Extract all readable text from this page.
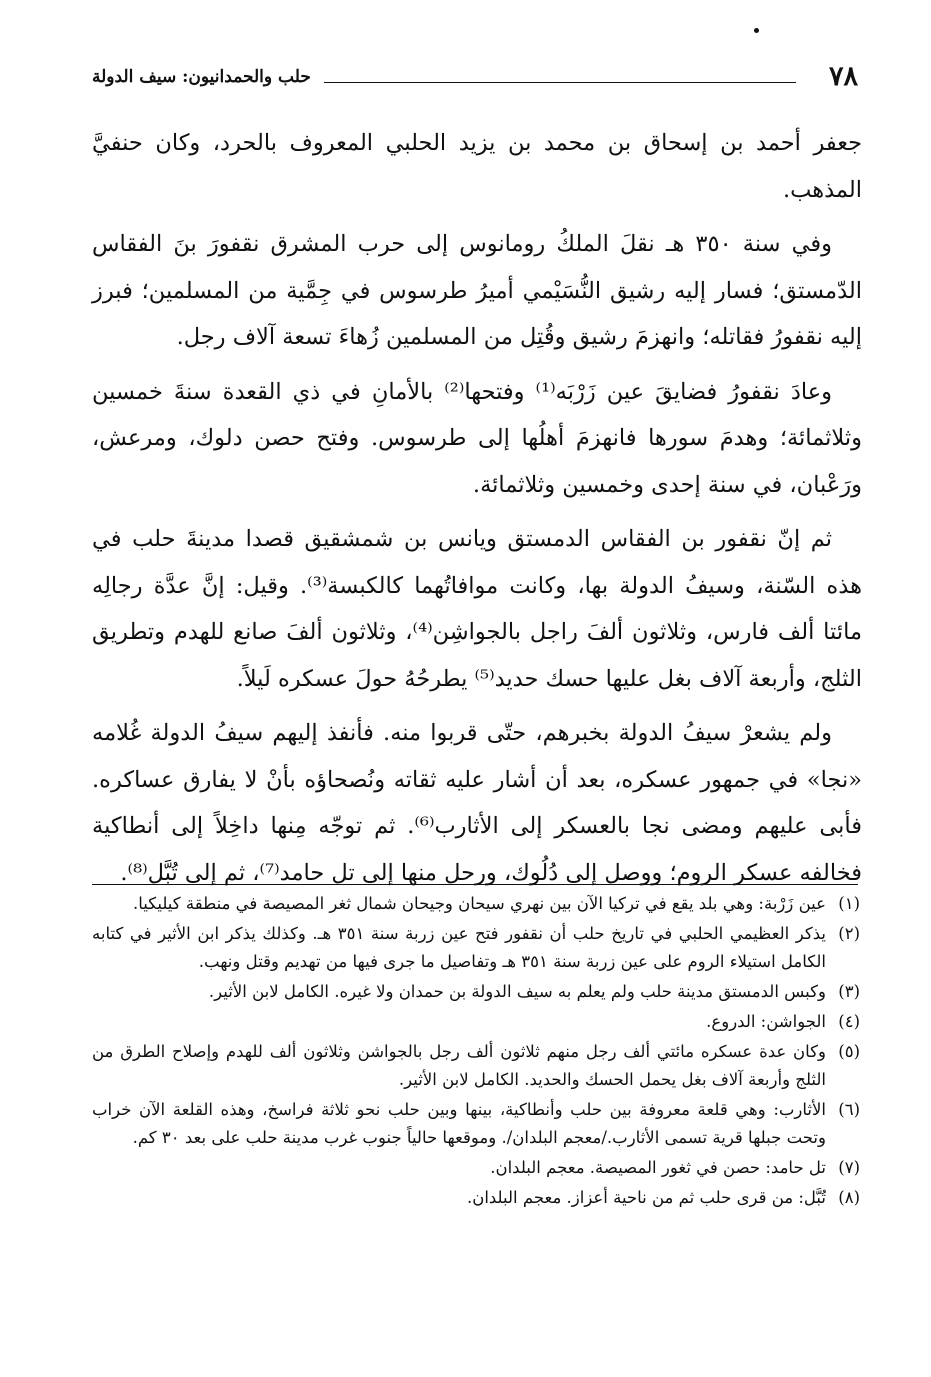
٧٨
حلب والحمدانيون: سيف الدولة

جعفر أحمد بن إسحاق بن محمد بن يزيد الحلبي المعروف بالحرد، وكان حنفيَّ المذهب.

وفي سنة ٣٥٠ هـ نقلَ الملكُ رومانوس إلى حرب المشرق نقفورَ بنَ الفقاس الدّمستق؛ فسار إليه رشيق النُّسَيْمي أميرُ طرسوس في جِمَّية من المسلمين؛ فبرز إليه نقفورُ فقاتله؛ وانهزمَ رشيق وقُتِل من المسلمين زُهاءَ تسعة آلاف رجل.

وعادَ نقفورُ فضايقَ عين زَرْبَه⁽¹⁾ وفتحها⁽²⁾ بالأمانِ في ذي القعدة سنةَ خمسين وثلاثمائة؛ وهدمَ سورها فانهزمَ أهلُها إلى طرسوس. وفتح حصن دلوك، ومرعش، ورَعْبان، في سنة إحدى وخمسين وثلاثمائة.

ثم إنّ نقفور بن الفقاس الدمستق ويانس بن شمشقيق قصدا مدينةَ حلب في هذه السّنة، وسيفُ الدولة بها، وكانت موافاتُهما كالكبسة⁽³⁾. وقيل: إنَّ عدَّة رجالِه مائتا ألف فارس، وثلاثون ألفَ راجل بالجواشِن⁽⁴⁾، وثلاثون ألفَ صانع للهدم وتطريق الثلج، وأربعة آلاف بغل عليها حسك حديد⁽⁵⁾ يطرحُهُ حولَ عسكره لَيلاً.

ولم يشعرْ سيفُ الدولة بخبرهم، حتّى قربوا منه. فأنفذ إليهم سيفُ الدولة غُلامه «نجا» في جمهور عسكره، بعد أن أشار عليه ثقاته ونُصحاؤه بأنْ لا يفارق عساكره. فأبى عليهم ومضى نجا بالعسكر إلى الأثارب⁽⁶⁾. ثم توجّه مِنها داخِلاً إلى أنطاكية فخالفه عسكر الروم؛ ووصل إلى دُلُوك، ورحل منها إلى تل حامد⁽⁷⁾، ثم إلى تُبَّل⁽⁸⁾.

(١)
عين زَرْبة: وهي بلد يقع في تركيا الآن بين نهري سيحان وجيحان شمال ثغر المصيصة في منطقة كيليكيا.
(٢)
يذكر العظيمي الحلبي في تاريخ حلب أن نقفور فتح عين زربة سنة ٣٥١ هـ. وكذلك يذكر ابن الأثير في كتابه الكامل استيلاء الروم على عين زربة سنة ٣٥١ هـ وتفاصيل ما جرى فيها من تهديم وقتل ونهب.
(٣)
وكبس الدمستق مدينة حلب ولم يعلم به سيف الدولة بن حمدان ولا غيره. الكامل لابن الأثير.
(٤)
الجواشن: الدروع.
(٥)
وكان عدة عسكره مائتي ألف رجل منهم ثلاثون ألف رجل بالجواشن وثلاثون ألف للهدم وإصلاح الطرق من الثلج وأربعة آلاف بغل يحمل الحسك والحديد. الكامل لابن الأثير.
(٦)
الأثارب: وهي قلعة معروفة بين حلب وأنطاكية، بينها وبين حلب نحو ثلاثة فراسخ، وهذه القلعة الآن خراب وتحت جبلها قرية تسمى الأثارب./معجم البلدان/. وموقعها حالياً جنوب غرب مدينة حلب على بعد ٣٠ كم.
(٧)
تل حامد: حصن في ثغور المصيصة. معجم البلدان.
(٨)
تُبَّل: من قرى حلب ثم من ناحية أعزاز. معجم البلدان.
